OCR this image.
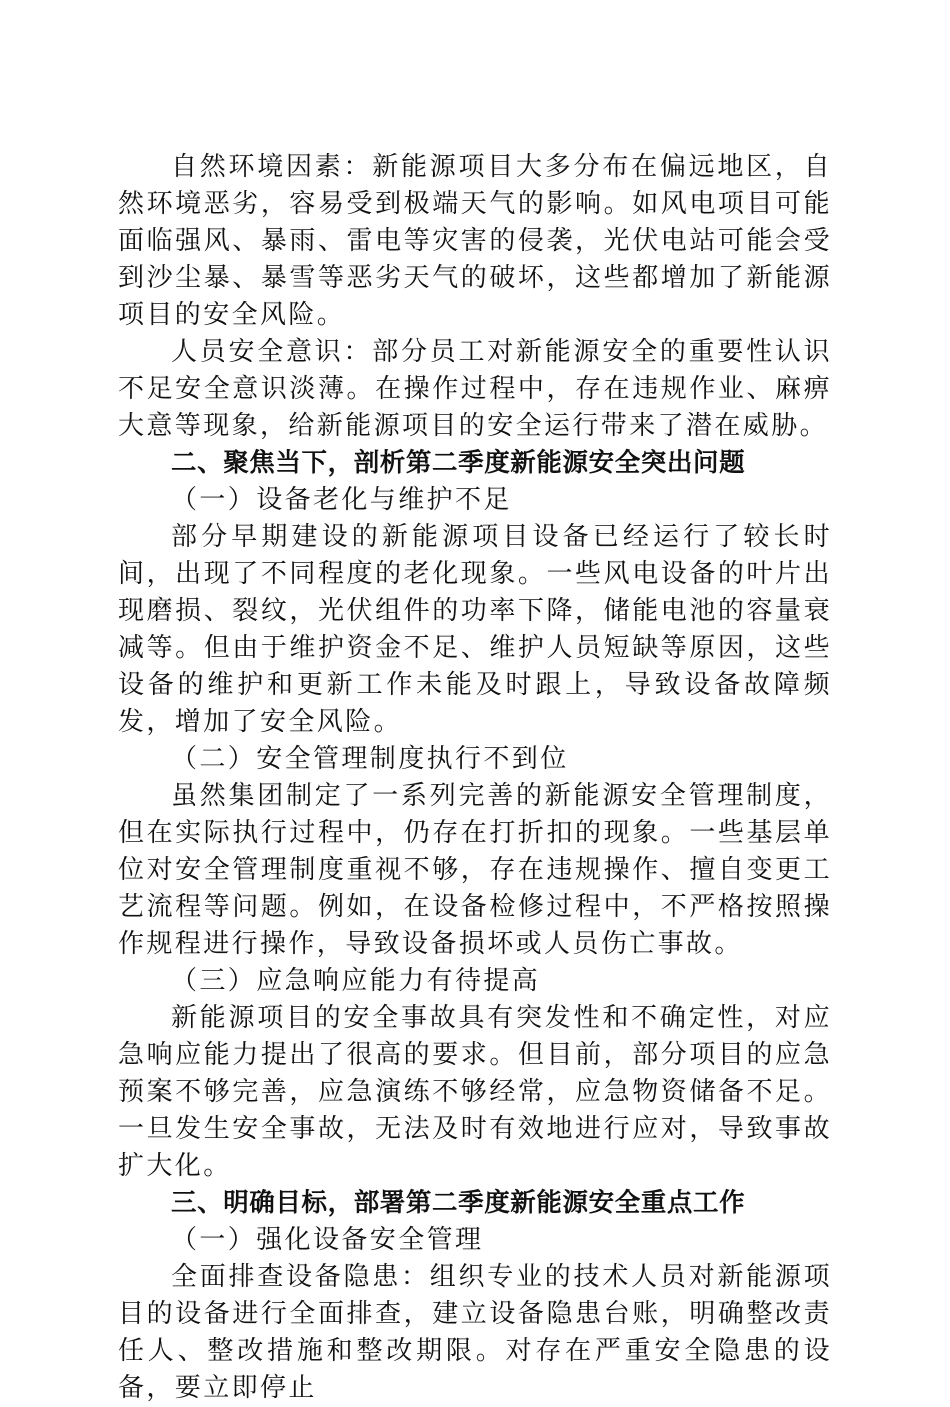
自然环境因素：新能源项目大多分布在偏远地区，自然环境恶劣，容易受到极端天气的影响。如风电项目可能面临强风、暴雨、雷电等灾害的侵袭，光伏电站可能会受到沙尘暴、暴雪等恶劣天气的破坏，这些都增加了新能源项目的安全风险。

人员安全意识：部分员工对新能源安全的重要性认识不足安全意识淡薄。在操作过程中，存在违规作业、麻痹大意等现象，给新能源项目的安全运行带来了潜在威胁。

二、聚焦当下，剖析第二季度新能源安全突出问题

（一）设备老化与维护不足

部分早期建设的新能源项目设备已经运行了较长时间，出现了不同程度的老化现象。一些风电设备的叶片出现磨损、裂纹，光伏组件的功率下降，储能电池的容量衰减等。但由于维护资金不足、维护人员短缺等原因，这些设备的维护和更新工作未能及时跟上，导致设备故障频发，增加了安全风险。

（二）安全管理制度执行不到位

虽然集团制定了一系列完善的新能源安全管理制度，但在实际执行过程中，仍存在打折扣的现象。一些基层单位对安全管理制度重视不够，存在违规操作、擅自变更工艺流程等问题。例如，在设备检修过程中，不严格按照操作规程进行操作，导致设备损坏或人员伤亡事故。

（三）应急响应能力有待提高

新能源项目的安全事故具有突发性和不确定性，对应急响应能力提出了很高的要求。但目前，部分项目的应急预案不够完善，应急演练不够经常，应急物资储备不足。一旦发生安全事故，无法及时有效地进行应对，导致事故扩大化。

三、明确目标，部署第二季度新能源安全重点工作

（一）强化设备安全管理

全面排查设备隐患：组织专业的技术人员对新能源项目的设备进行全面排查，建立设备隐患台账，明确整改责任人、整改措施和整改期限。对存在严重安全隐患的设备，要立即停止
